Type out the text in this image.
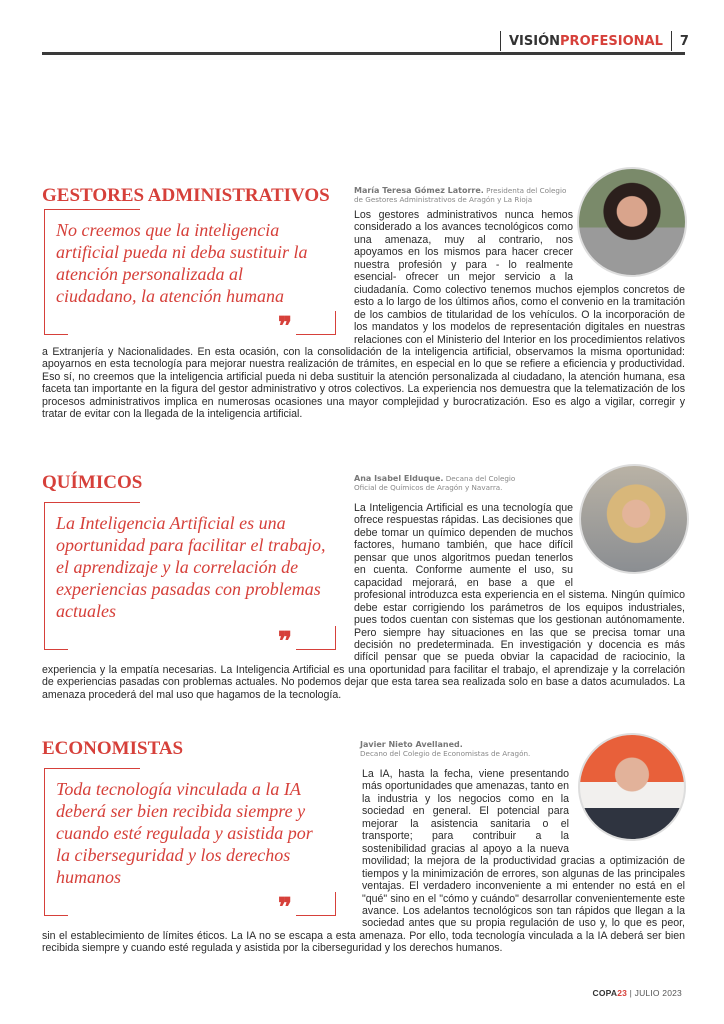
VISIÓN PROFESIONAL 7
GESTORES ADMINISTRATIVOS	María Teresa Gómez Latorre. Presidenta del Colegio
de Gestores Administrativos de Aragón y La Rioja
No creemos que la inteligencia artificial pueda ni deba sustituir la atención personalizada al ciudadano, la atención humana
❞
Los gestores administrativos nunca hemos considerado a los avances tecnológicos como una amenaza, muy al contrario, nos apoyamos en los mismos para hacer crecer nuestra profesión y para - lo realmente esencial- ofrecer un mejor servicio a la ciudadanía. Como colectivo tenemos muchos ejemplos concretos de esto a lo largo de los últimos años, como el convenio en la tramitación de los cambios de titularidad de los vehículos. O la incorporación de los mandatos y los modelos de representación digitales en nuestras relaciones con el Ministerio del Interior en los procedimientos relativos a Extranjería y Nacionalidades. En esta ocasión, con la consolidación de la inteligencia artificial, observamos la misma oportunidad: apoyarnos en esta tecnología para mejorar nuestra realización de trámites, en especial en lo que se refiere a eficiencia y productividad. Eso sí, no creemos que la inteligencia artificial pueda ni deba sustituir la atención personalizada al ciudadano, la atención humana, esa faceta tan importante en la figura del gestor administrativo y otros colectivos. La experiencia nos demuestra que la telematización de los procesos administrativos implica en numerosas ocasiones una mayor complejidad y burocratización. Eso es algo a vigilar, corregir y tratar de evitar con la llegada de la inteligencia artificial.
QUÍMICOS	Ana Isabel Elduque. Decana del Colegio
Oficial de Químicos de Aragón y Navarra.
La Inteligencia Artificial es una oportunidad para facilitar el trabajo, el aprendizaje y la correlación de experiencias pasadas con problemas actuales
❞
La Inteligencia Artificial es una tecnología que ofrece respuestas rápidas. Las decisiones que debe tomar un químico dependen de muchos factores, humano también, que hace difícil pensar que unos algoritmos puedan tenerlos en cuenta. Conforme aumente el uso, su capacidad mejorará, en base a que el profesional introduzca esta experiencia en el sistema. Ningún químico debe estar corrigiendo los parámetros de los equipos industriales, pues todos cuentan con sistemas que los gestionan autónomamente. Pero siempre hay situaciones en las que se precisa tomar una decisión no predeterminada. En investigación y docencia es más difícil pensar que se pueda obviar la capacidad de raciocinio, la experiencia y la empatía necesarias. La Inteligencia Artificial es una oportunidad para facilitar el trabajo, el aprendizaje y la correlación de experiencias pasadas con problemas actuales. No podemos dejar que esta tarea sea realizada solo en base a datos acumulados. La amenaza procederá del mal uso que hagamos de la tecnología.
ECONOMISTAS	Javier Nieto Avellaned.
Decano del Colegio de Economistas de Aragón.
Toda tecnología vinculada a la IA deberá ser bien recibida siempre y cuando esté regulada y asistida por la ciberseguridad y los derechos humanos
❞
La IA, hasta la fecha, viene presentando más oportunidades que amenazas, tanto en la industria y los negocios como en la sociedad en general. El potencial para mejorar la asistencia sanitaria o el transporte; para contribuir a la sostenibilidad gracias al apoyo a la nueva movilidad; la mejora de la productividad gracias a optimización de tiempos y la minimización de errores, son algunas de las principales ventajas. El verdadero inconveniente a mi entender no está en el "qué" sino en el "cómo y cuándo" desarrollar convenientemente este avance. Los adelantos tecnológicos son tan rápidos que llegan a la sociedad antes que su propia regulación de uso y, lo que es peor, sin el establecimiento de límites éticos. La IA no se escapa a esta amenaza. Por ello, toda tecnología vinculada a la IA deberá ser bien recibida siempre y cuando esté regulada y asistida por la ciberseguridad y los derechos humanos.
COPA23 | JULIO 2023
